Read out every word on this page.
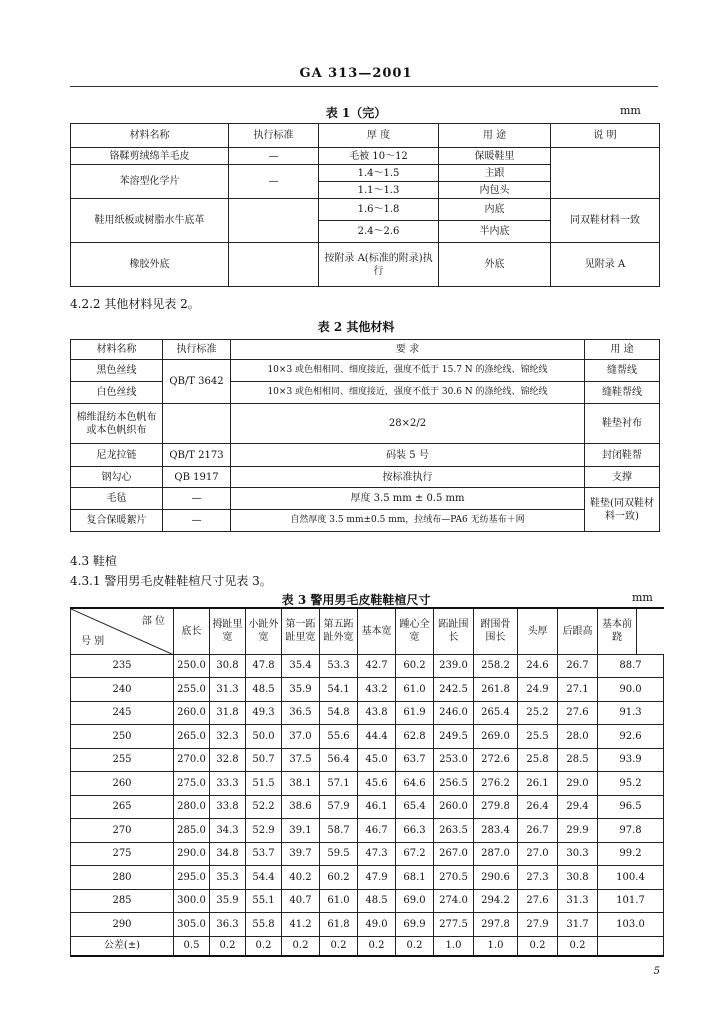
GA 313—2001
表 1（完）	mm
材料名称	执行标准	厚 度	用 途	说 明
铬鞣剪绒绵羊毛皮	—	毛被 10～12	保暖鞋里	
苯溶型化学片	—	1.4～1.5	主跟	
		1.1～1.3	内包头	
鞋用纸板或树脂水牛底革		1.6～1.8	内底	同双鞋材料一致
		2.4～2.6	半内底	
橡胶外底		按附录 A(标准的附录)执行	外底	见附录 A
4.2.2 其他材料见表 2。
表 2 其他材料
材料名称	执行标准	要 求	用 途
黑色丝线	QB/T 3642	10×3 或色相相同、细度接近，强度不低于 15.7 N 的涤纶线、锦纶线	缝帮线
白色丝线		10×3 或色相相同、细度接近，强度不低于 30.6 N 的涤纶线、锦纶线	缝鞋帮线
棉维混纺本色帆布或本色帆织布		28×2/2	鞋垫衬布
尼龙拉链	QB/T 2173	码装 5 号	封闭鞋帮
钢勾心	QB 1917	按标准执行	支撑
毛毡	—	厚度 3.5 mm ± 0.5 mm	鞋垫(同双鞋材料一致)
复合保暖絮片	—	自然厚度 3.5 mm±0.5 mm，拉绒布—PA6 无纺基布＋网	
4.3 鞋楦
4.3.1 警用男毛皮鞋鞋楦尺寸见表 3。
表 3 警用男毛皮鞋鞋楦尺寸	mm
部 位
号 别	底长	拇趾里宽	小趾外宽	第一跖趾里宽	第五跖趾外宽	基本宽	踵心全宽	跖趾围长	跗围骨围长	头厚	后跟高	基本前跷
235	250.0	30.8	47.8	35.4	53.3	42.7	60.2	239.0	258.2	24.6	26.7	88.7
240	255.0	31.3	48.5	35.9	54.1	43.2	61.0	242.5	261.8	24.9	27.1	90.0
245	260.0	31.8	49.3	36.5	54.8	43.8	61.9	246.0	265.4	25.2	27.6	91.3
250	265.0	32.3	50.0	37.0	55.6	44.4	62.8	249.5	269.0	25.5	28.0	92.6
255	270.0	32.8	50.7	37.5	56.4	45.0	63.7	253.0	272.6	25.8	28.5	93.9
260	275.0	33.3	51.5	38.1	57.1	45.6	64.6	256.5	276.2	26.1	29.0	95.2
265	280.0	33.8	52.2	38.6	57.9	46.1	65.4	260.0	279.8	26.4	29.4	96.5
270	285.0	34.3	52.9	39.1	58.7	46.7	66.3	263.5	283.4	26.7	29.9	97.8
275	290.0	34.8	53.7	39.7	59.5	47.3	67.2	267.0	287.0	27.0	30.3	99.2
280	295.0	35.3	54.4	40.2	60.2	47.9	68.1	270.5	290.6	27.3	30.8	100.4
285	300.0	35.9	55.1	40.7	61.0	48.5	69.0	274.0	294.2	27.6	31.3	101.7
290	305.0	36.3	55.8	41.2	61.8	49.0	69.9	277.5	297.8	27.9	31.7	103.0
公差(±)	0.5	0.2	0.2	0.2	0.2	0.2	0.2	1.0	1.0	0.2	0.2	
5
